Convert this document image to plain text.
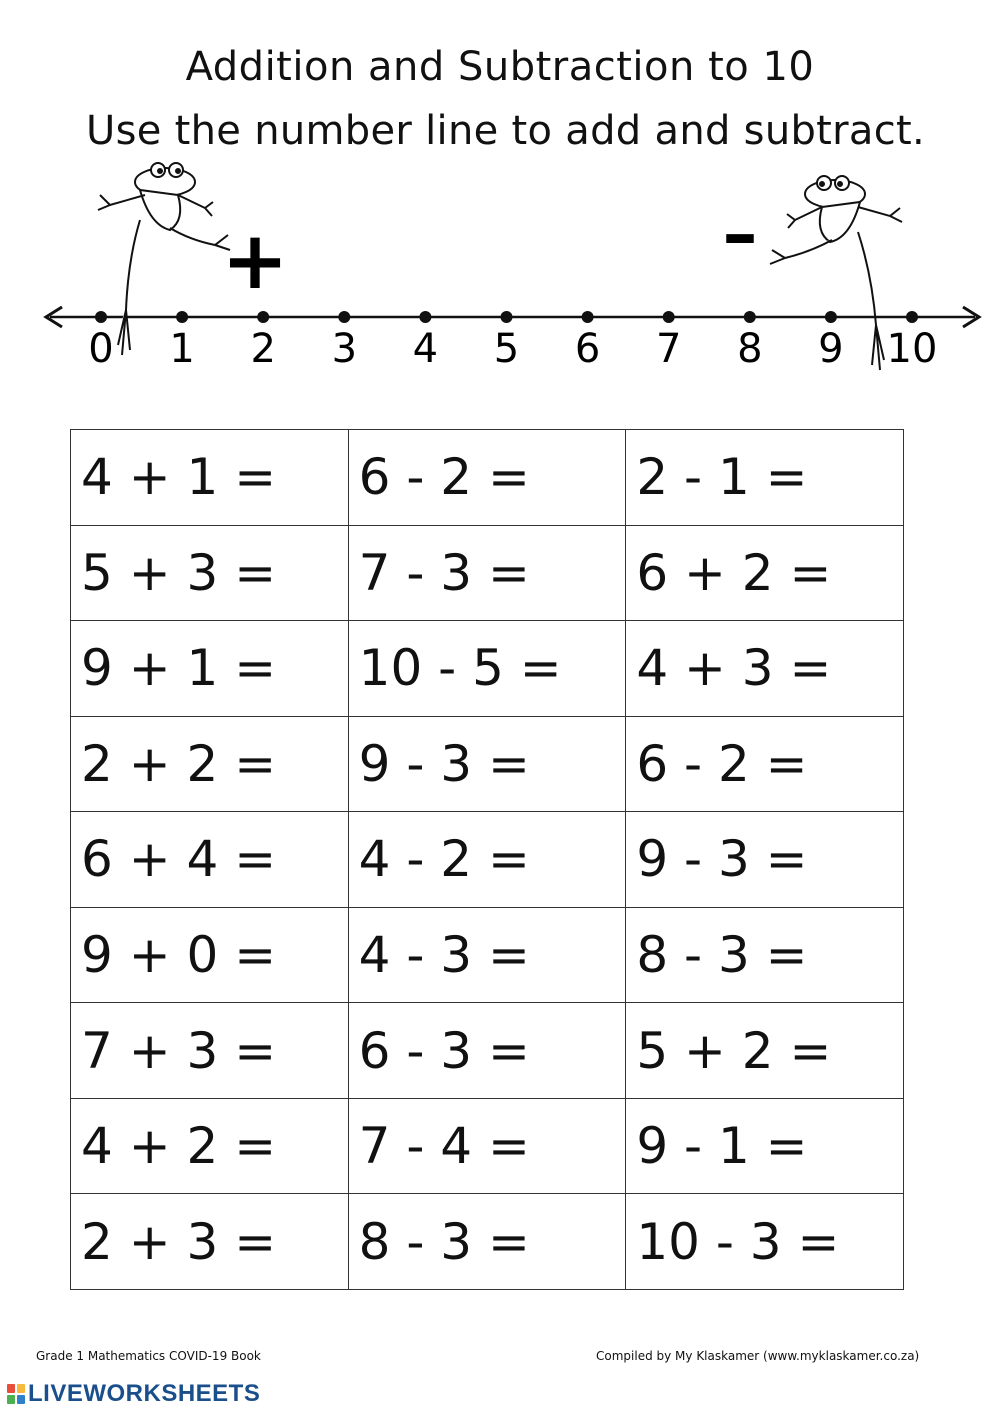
Addition and Subtraction to 10
Use the number line to add and subtract.
+	–
0 1 2 3 4 5 6 7 8 9 10
4 + 1 =	6 - 2 =	2 - 1 =
5 + 3 =	7 - 3 =	6 + 2 =
9 + 1 =	10 - 5 =	4 + 3 =
2 + 2 =	9 - 3 =	6 - 2 =
6 + 4 =	4 - 2 =	9 - 3 =
9 + 0 =	4 - 3 =	8 - 3 =
7 + 3 =	6 - 3 =	5 + 2 =
4 + 2 =	7 - 4 =	9 - 1 =
2 + 3 =	8 - 3 =	10 - 3 =
Grade 1 Mathematics COVID-19 Book	Compiled by My Klaskamer (www.myklaskamer.co.za)
LIVEWORKSHEETS
